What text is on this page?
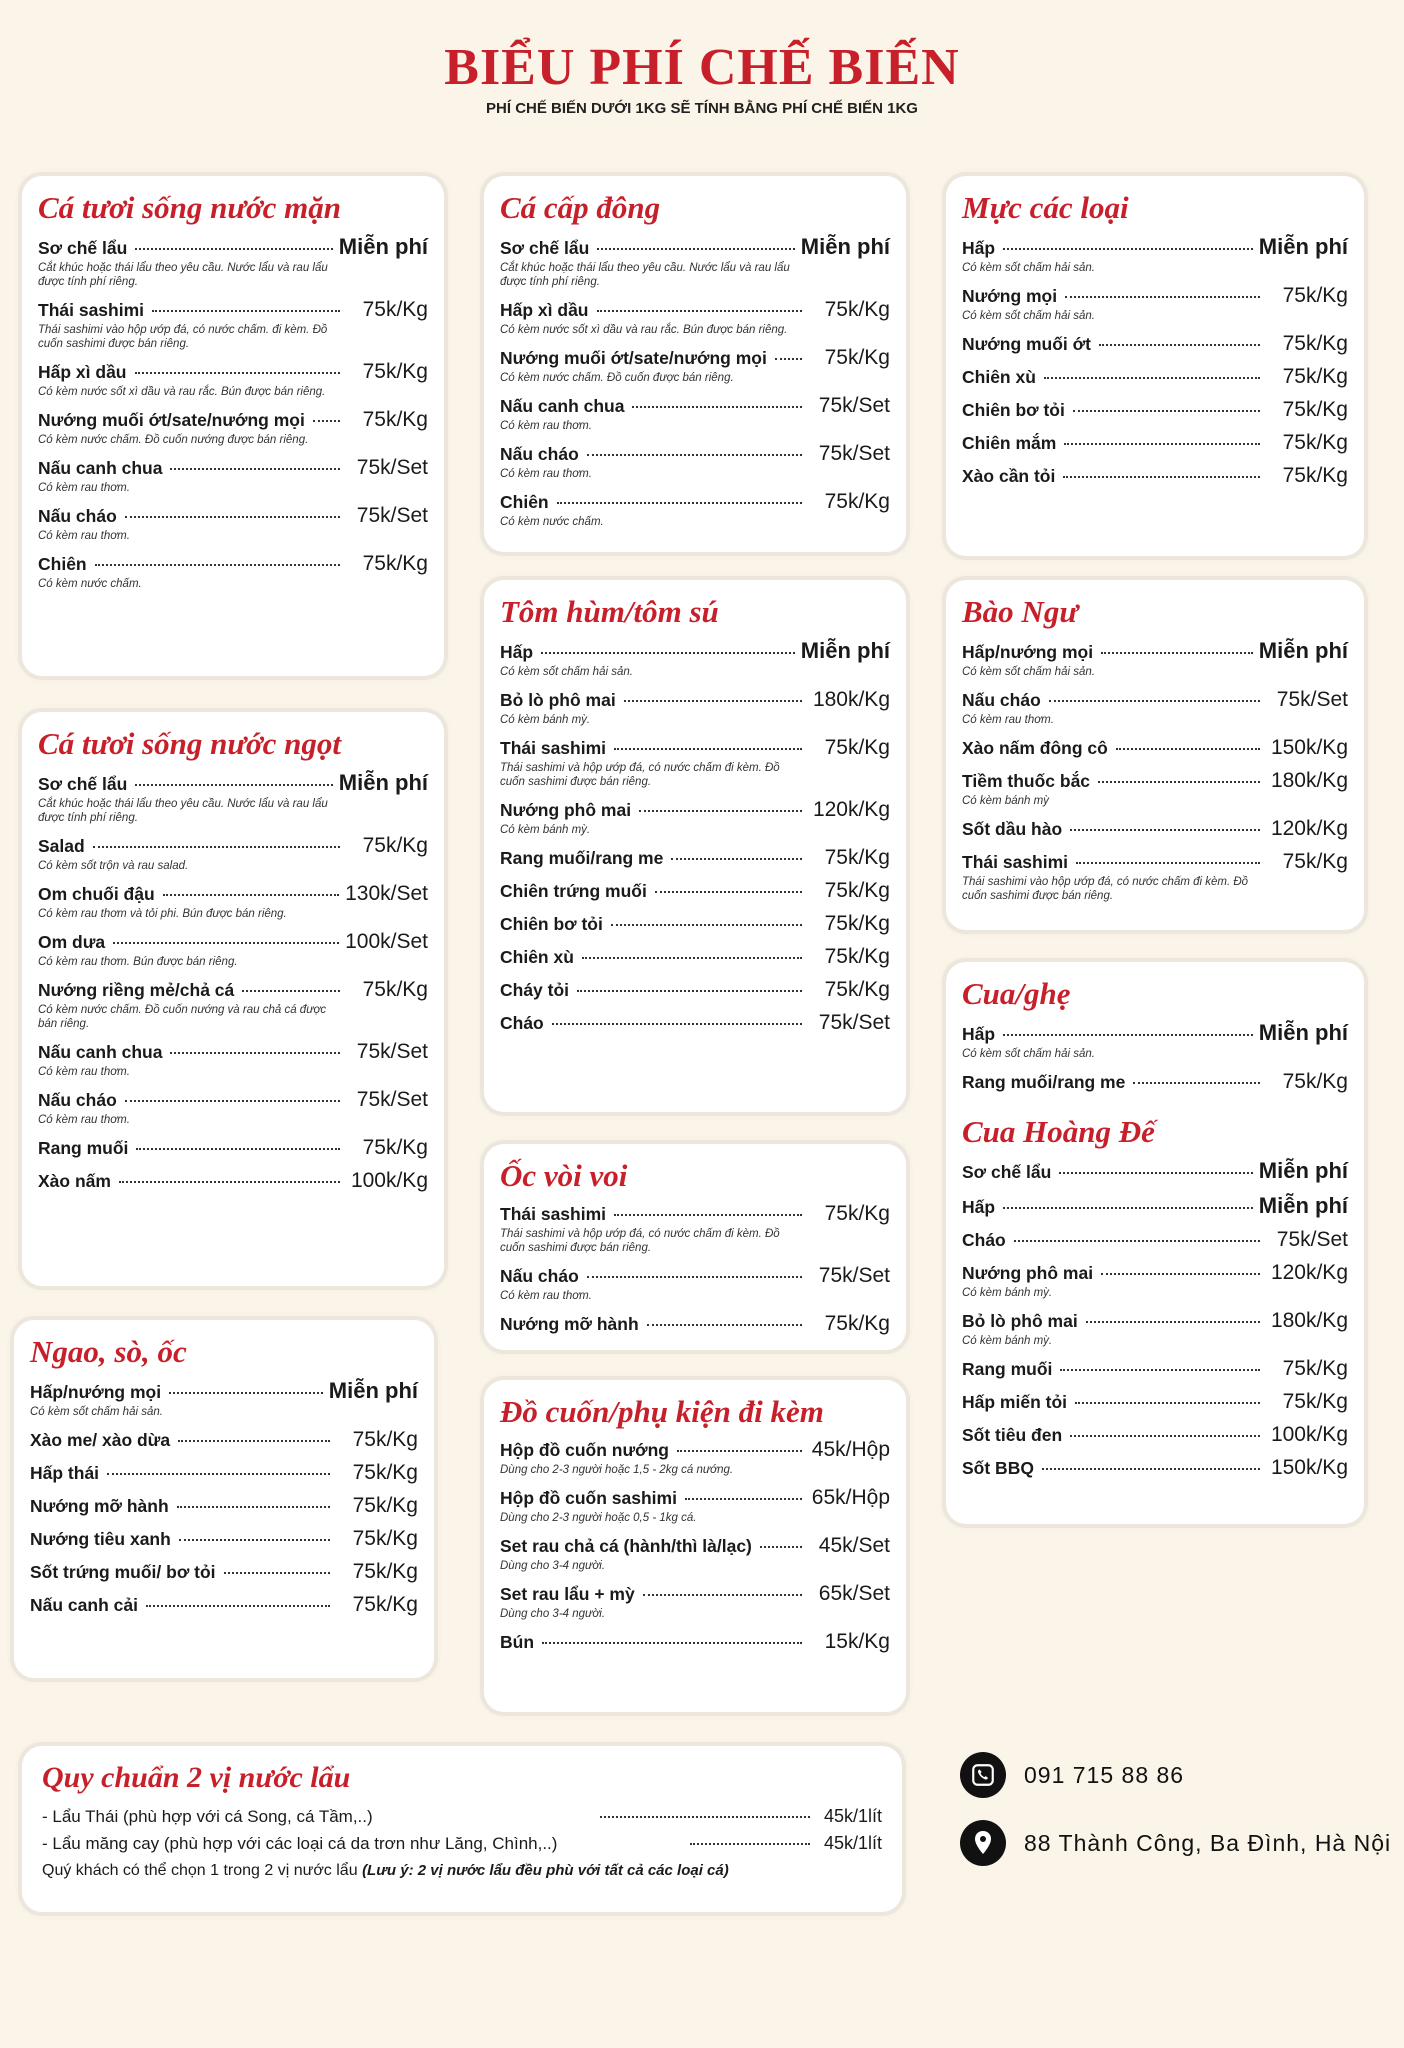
BIỂU PHÍ CHẾ BIẾN
PHÍ CHẾ BIẾN DƯỚI 1KG SẼ TÍNH BẰNG PHÍ CHẾ BIẾN 1KG
Cá tươi sống nước mặn
Sơ chế lẩu	Miễn phí
Cắt khúc hoặc thái lẩu theo yêu cầu. Nước lẩu và rau lẩu được tính phí riêng.
Thái sashimi	75k/Kg
Thái sashimi vào hộp ướp đá, có nước chấm. đi kèm. Đồ cuốn sashimi được bán riêng.
Hấp xì dầu	75k/Kg
Có kèm nước sốt xì dầu và rau rắc. Bún được bán riêng.
Nướng muối ớt/sate/nướng mọi	75k/Kg
Có kèm nước chấm. Đồ cuốn nướng được bán riêng.
Nấu canh chua	75k/Set
Có kèm rau thơm.
Nấu cháo	75k/Set
Có kèm rau thơm.
Chiên	75k/Kg
Có kèm nước chấm.
Cá tươi sống nước ngọt
Sơ chế lẩu	Miễn phí
Cắt khúc hoặc thái lẩu theo yêu cầu. Nước lẩu và rau lẩu được tính phí riêng.
Salad	75k/Kg
Có kèm sốt trộn và rau salad.
Om chuối đậu	130k/Set
Có kèm rau thơm và tỏi phi. Bún được bán riêng.
Om dưa	100k/Set
Có kèm rau thơm. Bún được bán riêng.
Nướng riềng mẻ/chả cá	75k/Kg
Có kèm nước chấm. Đồ cuốn nướng và rau chả cá được bán riêng.
Nấu canh chua	75k/Set
Có kèm rau thơm.
Nấu cháo	75k/Set
Có kèm rau thơm.
Rang muối	75k/Kg
Xào nấm	100k/Kg
Ngao, sò, ốc
Hấp/nướng mọi	Miễn phí
Có kèm sốt chấm hải sản.
Xào me/ xào dừa	75k/Kg
Hấp thái	75k/Kg
Nướng mỡ hành	75k/Kg
Nướng tiêu xanh	75k/Kg
Sốt trứng muối/ bơ tỏi	75k/Kg
Nấu canh cải	75k/Kg
Cá cấp đông
Sơ chế lẩu	Miễn phí
Cắt khúc hoặc thái lẩu theo yêu cầu. Nước lẩu và rau lẩu được tính phí riêng.
Hấp xì dầu	75k/Kg
Có kèm nước sốt xì dầu và rau rắc. Bún được bán riêng.
Nướng muối ớt/sate/nướng mọi	75k/Kg
Có kèm nước chấm. Đồ cuốn được bán riêng.
Nấu canh chua	75k/Set
Có kèm rau thơm.
Nấu cháo	75k/Set
Có kèm rau thơm.
Chiên	75k/Kg
Có kèm nước chấm.
Tôm hùm/tôm sú
Hấp	Miễn phí
Có kèm sốt chấm hải sản.
Bỏ lò phô mai	180k/Kg
Có kèm bánh mỳ.
Thái sashimi	75k/Kg
Thái sashimi và hộp ướp đá, có nước chấm đi kèm. Đồ cuốn sashimi được bán riêng.
Nướng phô mai	120k/Kg
Có kèm bánh mỳ.
Rang muối/rang me	75k/Kg
Chiên trứng muối	75k/Kg
Chiên bơ tỏi	75k/Kg
Chiên xù	75k/Kg
Cháy tỏi	75k/Kg
Cháo	75k/Set
Ốc vòi voi
Thái sashimi	75k/Kg
Thái sashimi và hộp ướp đá, có nước chấm đi kèm. Đồ cuốn sashimi được bán riêng.
Nấu cháo	75k/Set
Có kèm rau thơm.
Nướng mỡ hành	75k/Kg
Đồ cuốn/phụ kiện đi kèm
Hộp đồ cuốn nướng	45k/Hộp
Dùng cho 2-3 người hoặc 1,5 - 2kg cá nướng.
Hộp đồ cuốn sashimi	65k/Hộp
Dùng cho 2-3 người hoặc 0,5 - 1kg cá.
Set rau chả cá (hành/thì là/lạc)	45k/Set
Dùng cho 3-4 người.
Set rau lẩu + mỳ	65k/Set
Dùng cho 3-4 người.
Bún	15k/Kg
Mực các loại
Hấp	Miễn phí
Có kèm sốt chấm hải sản.
Nướng mọi	75k/Kg
Có kèm sốt chấm hải sản.
Nướng muối ớt	75k/Kg
Chiên xù	75k/Kg
Chiên bơ tỏi	75k/Kg
Chiên mắm	75k/Kg
Xào cần tỏi	75k/Kg
Bào Ngư
Hấp/nướng mọi	Miễn phí
Có kèm sốt chấm hải sản.
Nấu cháo	75k/Set
Có kèm rau thơm.
Xào nấm đông cô	150k/Kg
Tiềm thuốc bắc	180k/Kg
Có kèm bánh mỳ
Sốt dầu hào	120k/Kg
Thái sashimi	75k/Kg
Thái sashimi vào hộp ướp đá, có nước chấm đi kèm. Đồ cuốn sashimi được bán riêng.
Cua/ghẹ
Hấp	Miễn phí
Có kèm sốt chấm hải sản.
Rang muối/rang me	75k/Kg
Cua Hoàng Đế
Sơ chế lẩu	Miễn phí
Hấp	Miễn phí
Cháo	75k/Set
Nướng phô mai	120k/Kg
Có kèm bánh mỳ.
Bỏ lò phô mai	180k/Kg
Có kèm bánh mỳ.
Rang muối	75k/Kg
Hấp miến tỏi	75k/Kg
Sốt tiêu đen	100k/Kg
Sốt BBQ	150k/Kg
Quy chuẩn 2 vị nước lẩu
- Lẩu Thái (phù hợp với cá Song, cá Tầm,..)	45k/1lít
- Lẩu măng cay (phù hợp với các loại cá da trơn như Lăng, Chình,..)	45k/1lít
Quý khách có thể chọn 1 trong 2 vị nước lẩu (Lưu ý: 2 vị nước lẩu đều phù với tất cả các loại cá)
091 715 88 86
88 Thành Công, Ba Đình, Hà Nội
